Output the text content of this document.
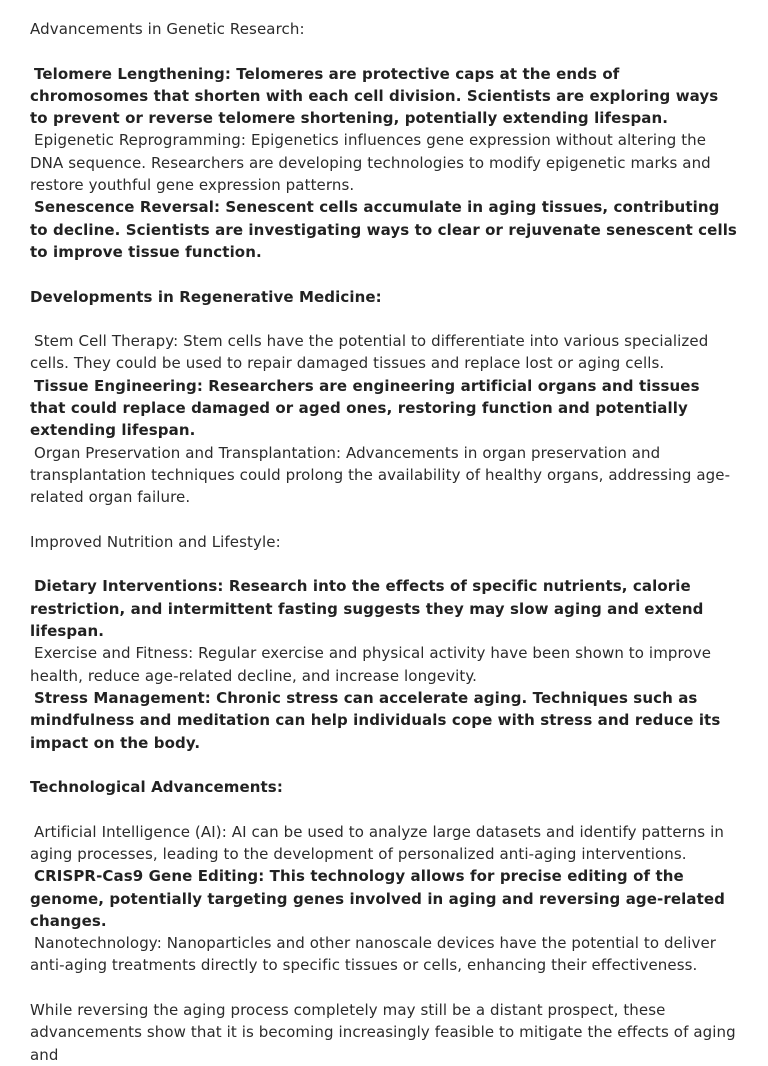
Advancements in Genetic Research:

Telomere Lengthening: Telomeres are protective caps at the ends of chromosomes that shorten with each cell division. Scientists are exploring ways to prevent or reverse telomere shortening, potentially extending lifespan.

Epigenetic Reprogramming: Epigenetics influences gene expression without altering the DNA sequence. Researchers are developing technologies to modify epigenetic marks and restore youthful gene expression patterns.

Senescence Reversal: Senescent cells accumulate in aging tissues, contributing to decline. Scientists are investigating ways to clear or rejuvenate senescent cells to improve tissue function.

Developments in Regenerative Medicine:

Stem Cell Therapy: Stem cells have the potential to differentiate into various specialized cells. They could be used to repair damaged tissues and replace lost or aging cells.

Tissue Engineering: Researchers are engineering artificial organs and tissues that could replace damaged or aged ones, restoring function and potentially extending lifespan.

Organ Preservation and Transplantation: Advancements in organ preservation and transplantation techniques could prolong the availability of healthy organs, addressing age-related organ failure.

Improved Nutrition and Lifestyle:

Dietary Interventions: Research into the effects of specific nutrients, calorie restriction, and intermittent fasting suggests they may slow aging and extend lifespan.

Exercise and Fitness: Regular exercise and physical activity have been shown to improve health, reduce age-related decline, and increase longevity.

Stress Management: Chronic stress can accelerate aging. Techniques such as mindfulness and meditation can help individuals cope with stress and reduce its impact on the body.

Technological Advancements:

Artificial Intelligence (AI): AI can be used to analyze large datasets and identify patterns in aging processes, leading to the development of personalized anti-aging interventions.

CRISPR-Cas9 Gene Editing: This technology allows for precise editing of the genome, potentially targeting genes involved in aging and reversing age-related changes.

Nanotechnology: Nanoparticles and other nanoscale devices have the potential to deliver anti-aging treatments directly to specific tissues or cells, enhancing their effectiveness.

While reversing the aging process completely may still be a distant prospect, these advancements show that it is becoming increasingly feasible to mitigate the effects of aging and
